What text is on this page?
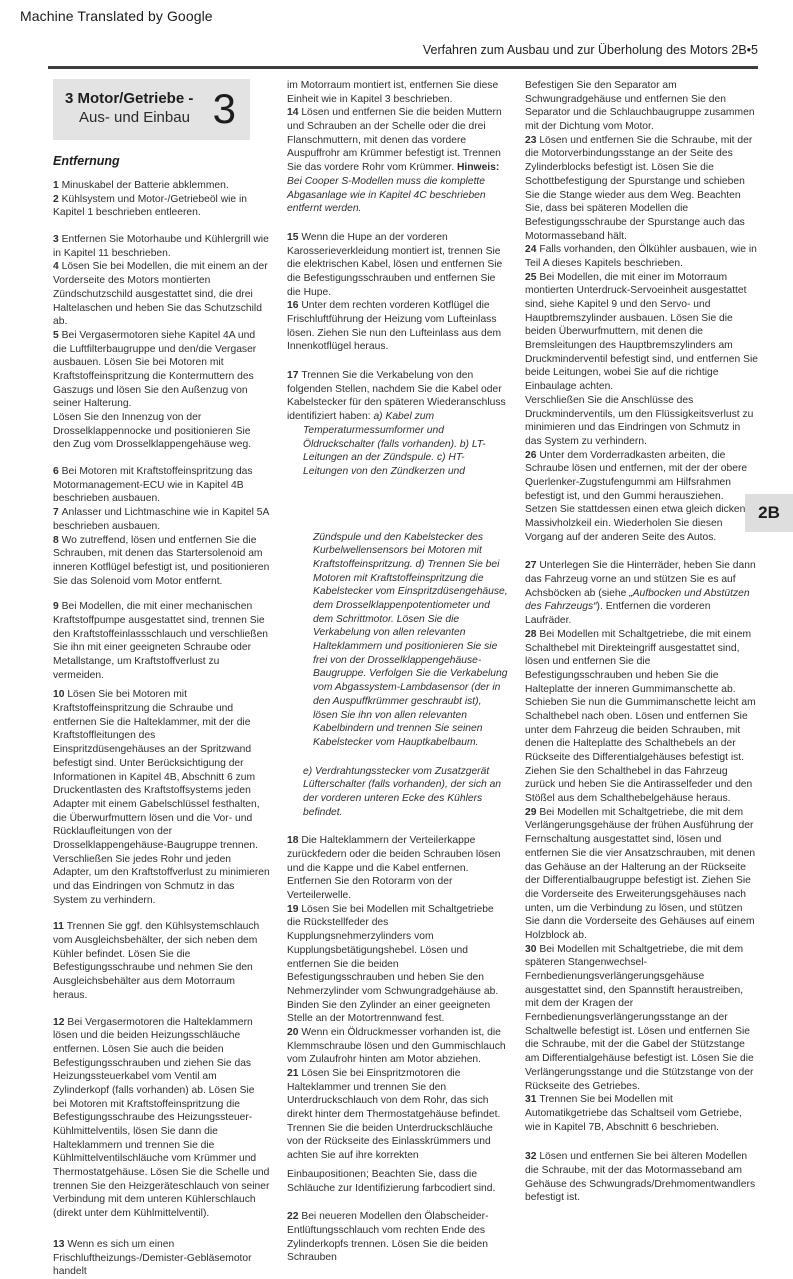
Machine Translated by Google
Verfahren zum Ausbau und zur Überholung des Motors 2B•5
3 Motor/Getriebe -
Aus- und Einbau 3
Entfernung

1 Minuskabel der Batterie abklemmen.

2 Kühlsystem und Motor-/Getriebeöl wie in Kapitel 1 beschrieben entleeren.

3 Entfernen Sie Motorhaube und Kühlergrill wie in Kapitel 11 beschrieben.

4 Lösen Sie bei Modellen, die mit einem an der Vorderseite des Motors montierten Zündschutzschild ausgestattet sind, die drei Haltelaschen und heben Sie das Schutzschild ab.

5 Bei Vergasermotoren siehe Kapitel 4A und die Luftfilterbaugruppe und den/die Vergaser ausbauen. Lösen Sie bei Motoren mit Kraftstoffeinspritzung die Kontermuttern des Gaszugs und lösen Sie den Außenzug von seiner Halterung.

Lösen Sie den Innenzug von der Drosselklappennocke und positionieren Sie den Zug vom Drosselklappengehäuse weg.

6 Bei Motoren mit Kraftstoffeinspritzung das Motormanagement-ECU wie in Kapitel 4B beschrieben ausbauen.

7 Anlasser und Lichtmaschine wie in Kapitel 5A beschrieben ausbauen.

8 Wo zutreffend, lösen und entfernen Sie die Schrauben, mit denen das Startersolenoid am inneren Kotflügel befestigt ist, und positionieren Sie das Solenoid vom Motor entfernt.

9 Bei Modellen, die mit einer mechanischen Kraftstoffpumpe ausgestattet sind, trennen Sie den Kraftstoffeinlassschlauch und verschließen Sie ihn mit einer geeigneten Schraube oder Metallstange, um Kraftstoffverlust zu vermeiden.

10 Lösen Sie bei Motoren mit Kraftstoffeinspritzung die Schraube und entfernen Sie die Halteklammer, mit der die Kraftstoffleitungen des Einspritzdüsengehäuses an der Spritzwand befestigt sind. Unter Berücksichtigung der Informationen in Kapitel 4B, Abschnitt 6 zum Druckentlasten des Kraftstoffsystems jeden Adapter mit einem Gabelschlüssel festhalten, die Überwurfmuttern lösen und die Vor- und Rücklaufleitungen von der Drosselklappengehäuse-Baugruppe trennen.

Verschließen Sie jedes Rohr und jeden Adapter, um den Kraftstoffverlust zu minimieren und das Eindringen von Schmutz in das System zu verhindern.

11 Trennen Sie ggf. den Kühlsystemschlauch vom Ausgleichsbehälter, der sich neben dem Kühler befindet. Lösen Sie die Befestigungsschraube und nehmen Sie den Ausgleichsbehälter aus dem Motorraum heraus.

12 Bei Vergasermotoren die Halteklammern lösen und die beiden Heizungsschläuche entfernen. Lösen Sie auch die beiden Befestigungsschrauben und ziehen Sie das Heizungssteuerkabel vom Ventil am Zylinderkopf (falls vorhanden) ab. Lösen Sie bei Motoren mit Kraftstoffeinspritzung die Befestigungsschraube des Heizungssteuer-Kühlmittelventils, lösen Sie dann die Halteklammern und trennen Sie die Kühlmittelventilschläuche vom Krümmer und Thermostatgehäuse. Lösen Sie die Schelle und trennen Sie den Heizgeräteschlauch von seiner Verbindung mit dem unteren Kühlerschlauch (direkt unter dem Kühlmittelventil).

13 Wenn es sich um einen Frischluftheizungs-/Demister-Gebläsemotor handelt

im Motorraum montiert ist, entfernen Sie diese Einheit wie in Kapitel 3 beschrieben.

14 Lösen und entfernen Sie die beiden Muttern und Schrauben an der Schelle oder die drei Flanschmuttern, mit denen das vordere Auspuffrohr am Krümmer befestigt ist. Trennen Sie das vordere Rohr vom Krümmer. Hinweis: Bei Cooper S-Modellen muss die komplette Abgasanlage wie in Kapitel 4C beschrieben entfernt werden.

15 Wenn die Hupe an der vorderen Karosserieverkleidung montiert ist, trennen Sie die elektrischen Kabel, lösen und entfernen Sie die Befestigungsschrauben und entfernen Sie die Hupe.

16 Unter dem rechten vorderen Kotflügel die Frischluftführung der Heizung vom Lufteinlass lösen. Ziehen Sie nun den Lufteinlass aus dem Innenkotflügel heraus.

17 Trennen Sie die Verkabelung von den folgenden Stellen, nachdem Sie die Kabel oder Kabelstecker für den späteren Wiederanschluss identifiziert haben: a) Kabel zum

Temperaturmessumformer und Öldruckschalter (falls vorhanden). b) LT-Leitungen an der Zündspule. c) HT-Leitungen von den Zündkerzen und

Zündspule und den Kabelstecker des Kurbelwellensensors bei Motoren mit Kraftstoffeinspritzung. d) Trennen Sie bei Motoren mit Kraftstoffeinspritzung die Kabelstecker vom Einspritzdüsengehäuse, dem Drosselklappenpotentiometer und dem Schrittmotor. Lösen Sie die Verkabelung von allen relevanten Halteklammern und positionieren Sie sie frei von der Drosselklappengehäuse-Baugruppe. Verfolgen Sie die Verkabelung vom Abgassystem-Lambdasensor (der in den Auspuffkrümmer geschraubt ist), lösen Sie ihn von allen relevanten Kabelbindern und trennen Sie seinen Kabelstecker vom Hauptkabelbaum.

e) Verdrahtungsstecker vom Zusatzgerät Lüfterschalter (falls vorhanden), der sich an der vorderen unteren Ecke des Kühlers befindet.

18 Die Halteklammern der Verteilerkappe zurückfedern oder die beiden Schrauben lösen und die Kappe und die Kabel entfernen. Entfernen Sie den Rotorarm von der Verteilerwelle.

19 Lösen Sie bei Modellen mit Schaltgetriebe die Rückstellfeder des Kupplungsnehmerzylinders vom Kupplungsbetätigungshebel. Lösen und entfernen Sie die beiden Befestigungsschrauben und heben Sie den Nehmerzylinder vom Schwungradgehäuse ab. Binden Sie den Zylinder an einer geeigneten Stelle an der Motortrennwand fest.

20 Wenn ein Öldruckmesser vorhanden ist, die Klemmschraube lösen und den Gummischlauch vom Zulaufrohr hinten am Motor abziehen.

21 Lösen Sie bei Einspritzmotoren die Halteklammer und trennen Sie den Unterdruckschlauch von dem Rohr, das sich direkt hinter dem Thermostatgehäuse befindet. Trennen Sie die beiden Unterdruckschläuche von der Rückseite des Einlasskrümmers und achten Sie auf ihre korrekten

Einbaupositionen; Beachten Sie, dass die Schläuche zur Identifizierung farbcodiert sind.

22 Bei neueren Modellen den Ölabscheider-Entlüftungsschlauch vom rechten Ende des Zylinderkopfs trennen. Lösen Sie die beiden Schrauben

Befestigen Sie den Separator am Schwungradgehäuse und entfernen Sie den Separator und die Schlauchbaugruppe zusammen mit der Dichtung vom Motor.

23 Lösen und entfernen Sie die Schraube, mit der die Motorverbindungsstange an der Seite des Zylinderblocks befestigt ist. Lösen Sie die Schottbefestigung der Spurstange und schieben Sie die Stange wieder aus dem Weg. Beachten Sie, dass bei späteren Modellen die Befestigungsschraube der Spurstange auch das Motormasseband hält.

24 Falls vorhanden, den Ölkühler ausbauen, wie in Teil A dieses Kapitels beschrieben.

25 Bei Modellen, die mit einer im Motorraum montierten Unterdruck-Servoeinheit ausgestattet sind, siehe Kapitel 9 und den Servo- und Hauptbremszylinder ausbauen. Lösen Sie die beiden Überwurfmuttern, mit denen die Bremsleitungen des Hauptbremszylinders am Druckminderventil befestigt sind, und entfernen Sie beide Leitungen, wobei Sie auf die richtige Einbaulage achten.

Verschließen Sie die Anschlüsse des Druckminderventils, um den Flüssigkeitsverlust zu minimieren und das Eindringen von Schmutz in das System zu verhindern.

26 Unter dem Vorderradkasten arbeiten, die Schraube lösen und entfernen, mit der der obere Querlenker-Zugstufengummi am Hilfsrahmen befestigt ist, und den Gummi herausziehen. Setzen Sie stattdessen einen etwa gleich dicken Massivholzkeil ein. Wiederholen Sie diesen Vorgang auf der anderen Seite des Autos.

27 Unterlegen Sie die Hinterräder, heben Sie dann das Fahrzeug vorne an und stützen Sie es auf Achsböcken ab (siehe „Aufbocken und Abstützen des Fahrzeugs“). Entfernen die vorderen Laufräder.

28 Bei Modellen mit Schaltgetriebe, die mit einem Schalthebel mit Direkteingriff ausgestattet sind, lösen und entfernen Sie die Befestigungsschrauben und heben Sie die Halteplatte der inneren Gummimanschette ab. Schieben Sie nun die Gummimanschette leicht am Schalthebel nach oben. Lösen und entfernen Sie unter dem Fahrzeug die beiden Schrauben, mit denen die Halteplatte des Schalthebels an der Rückseite des Differentialgehäuses befestigt ist. Ziehen Sie den Schalthebel in das Fahrzeug zurück und heben Sie die Antirasselfeder und den Stößel aus dem Schalthebelgehäuse heraus.

29 Bei Modellen mit Schaltgetriebe, die mit dem Verlängerungsgehäuse der frühen Ausführung der Fernschaltung ausgestattet sind, lösen und entfernen Sie die vier Ansatzschrauben, mit denen das Gehäuse an der Halterung an der Rückseite der Differentialbaugruppe befestigt ist. Ziehen Sie die Vorderseite des Erweiterungsgehäuses nach unten, um die Verbindung zu lösen, und stützen Sie dann die Vorderseite des Gehäuses auf einem Holzblock ab.

30 Bei Modellen mit Schaltgetriebe, die mit dem späteren Stangenwechsel-Fernbedienungsverlängerungsgehäuse ausgestattet sind, den Spannstift heraustreiben, mit dem der Kragen der Fernbedienungsverlängerungsstange an der Schaltwelle befestigt ist. Lösen und entfernen Sie die Schraube, mit der die Gabel der Stützstange am Differentialgehäuse befestigt ist. Lösen Sie die Verlängerungsstange und die Stützstange von der Rückseite des Getriebes.

31 Trennen Sie bei Modellen mit Automatikgetriebe das Schaltseil vom Getriebe, wie in Kapitel 7B, Abschnitt 6 beschrieben.

32 Lösen und entfernen Sie bei älteren Modellen die Schraube, mit der das Motormasseband am Gehäuse des Schwungrads/Drehmomentwandlers befestigt ist.

2B
